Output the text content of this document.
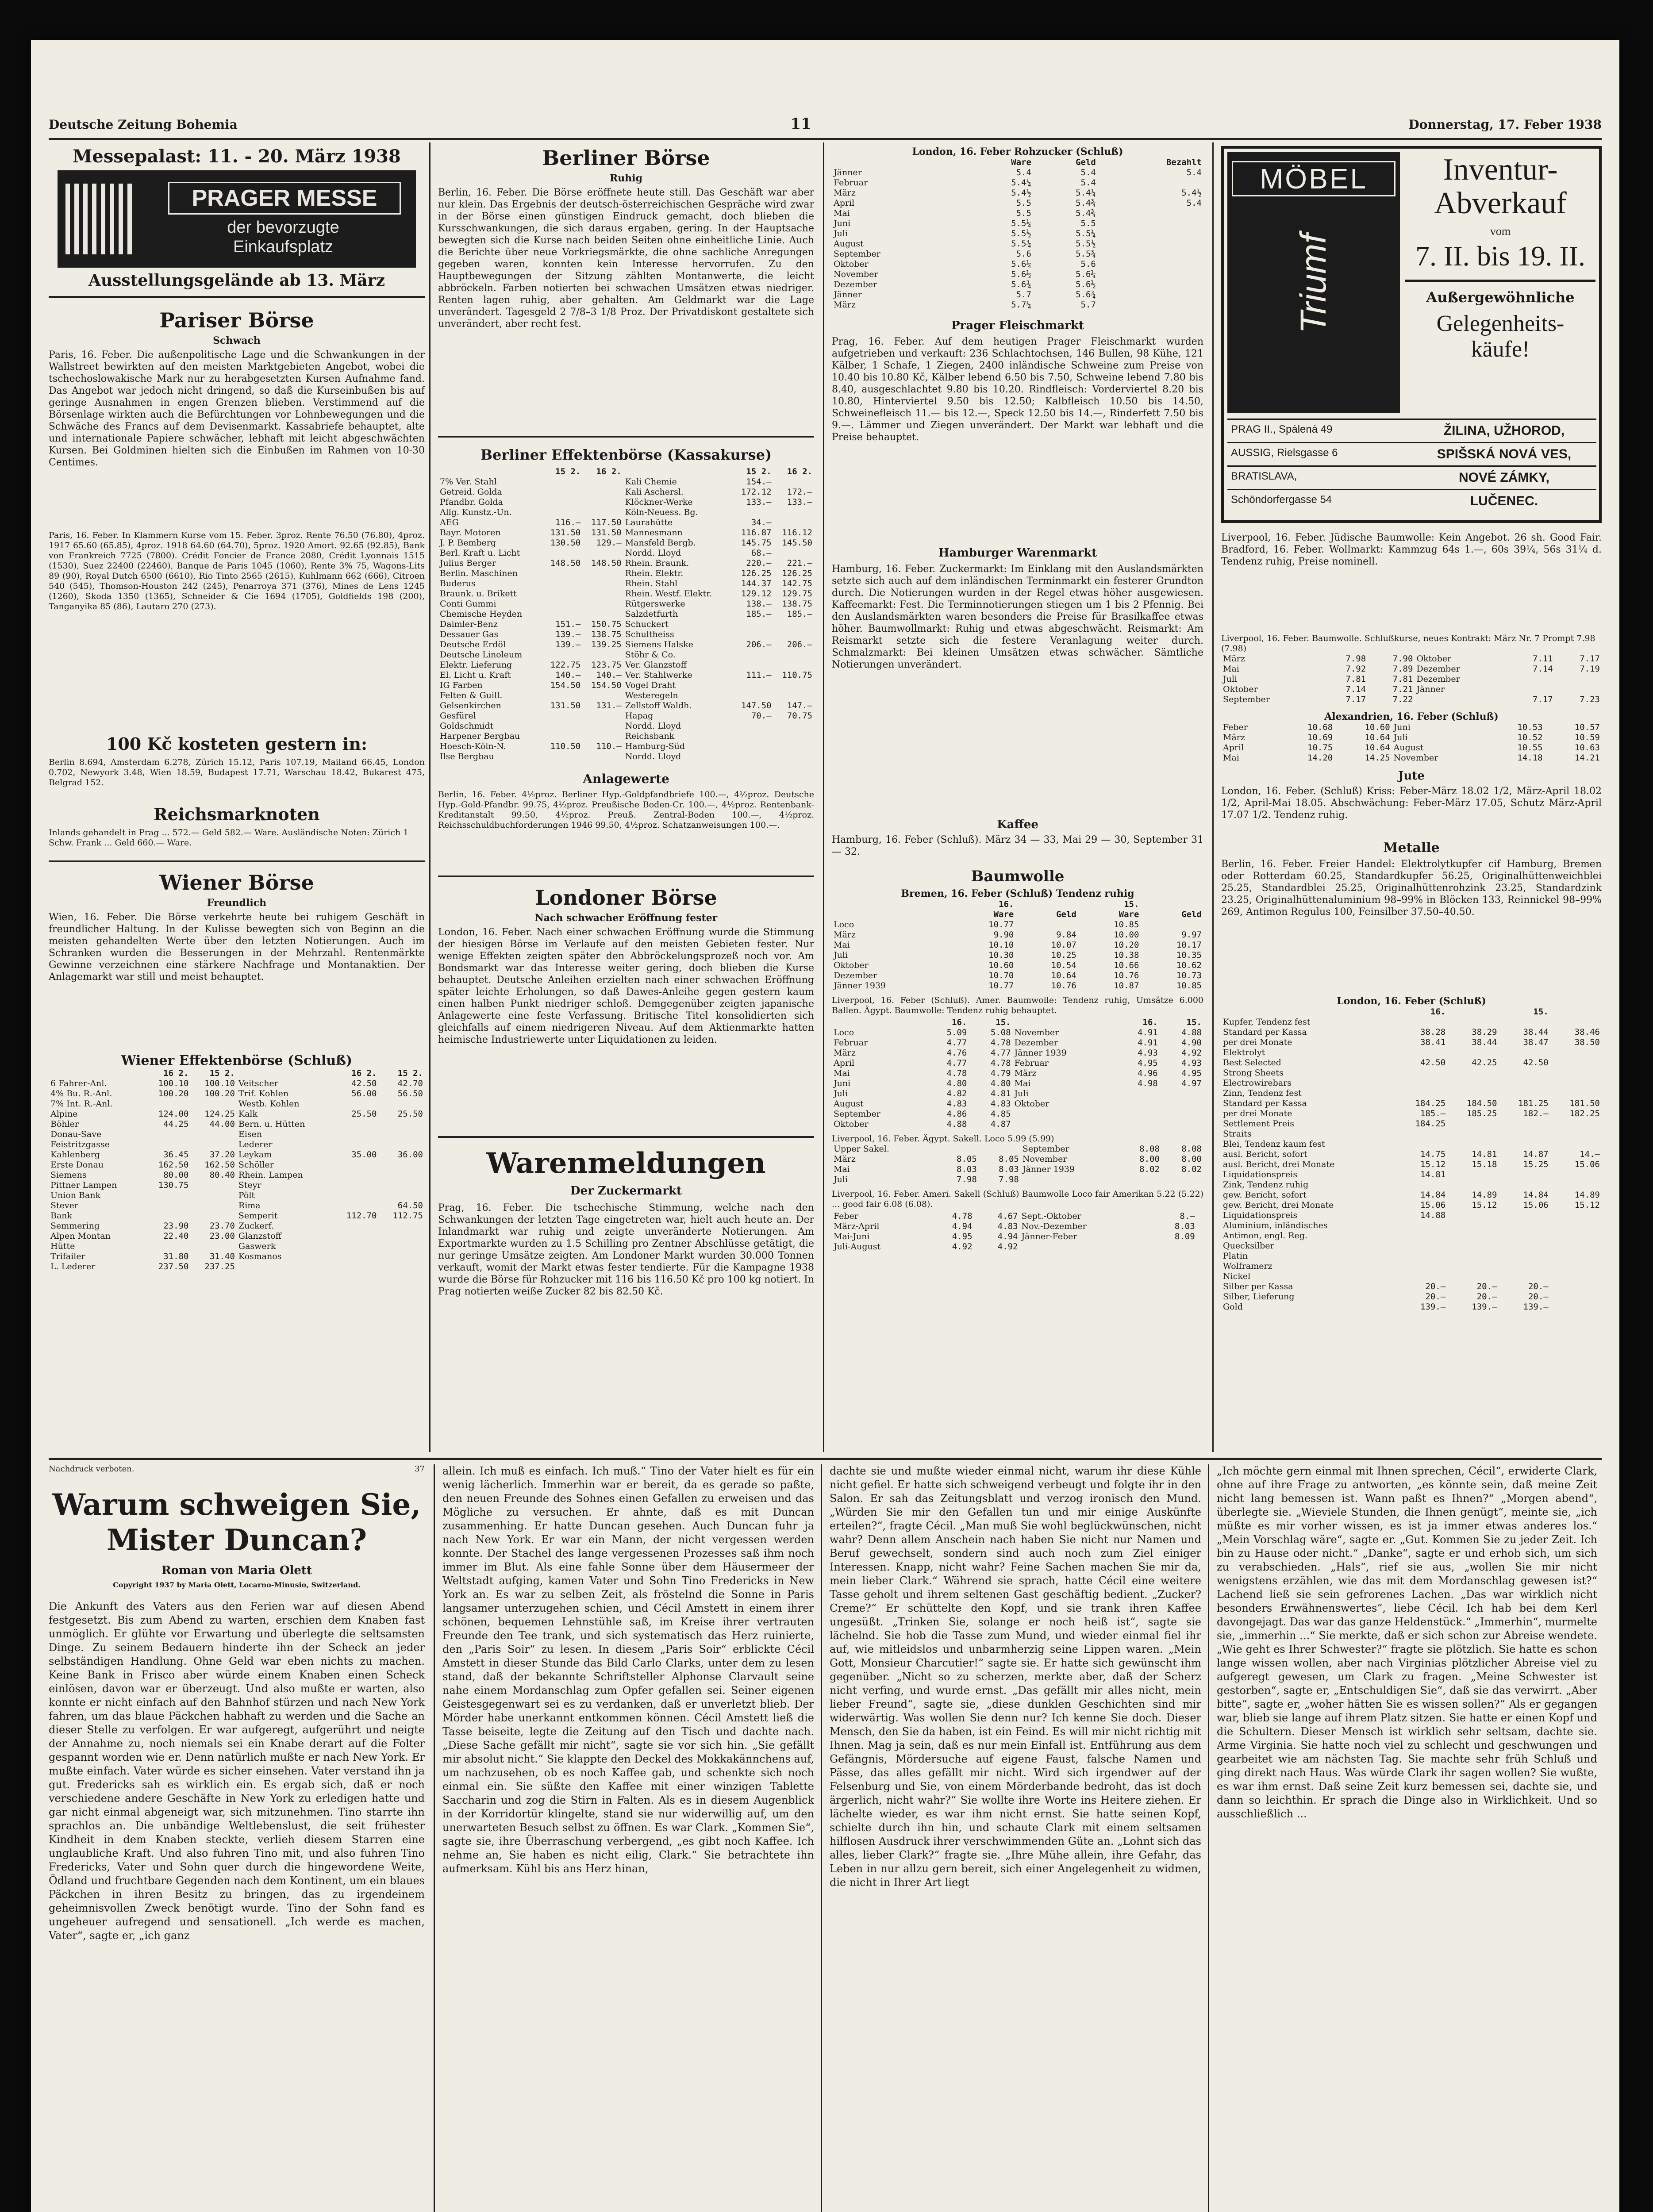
Deutsche Zeitung Bohemia	11	Donnerstag, 17. Feber 1938
Messepalast: 11. - 20. März 1938
PRAGER MESSE
der bevorzugte
Einkaufsplatz
Ausstellungsgelände ab 13. März
Pariser Börse
Schwach
Paris, 16. Feber. Die außenpolitische Lage und die Schwankungen in der Wallstreet bewirkten auf den meisten Marktgebieten Angebot, wobei die tschechoslowakische Mark nur zu herabgesetzten Kursen Aufnahme fand. Das Angebot war jedoch nicht dringend, so daß die Kurseinbußen bis auf geringe Ausnahmen in engen Grenzen blieben. Verstimmend auf die Börsenlage wirkten auch die Befürchtungen vor Lohnbewegungen und die Schwäche des Francs auf dem Devisenmarkt. Kassabriefe behauptet, alte und internationale Papiere schwächer, lebhaft mit leicht abgeschwächten Kursen. Bei Goldminen hielten sich die Einbußen im Rahmen von 10-30 Centimes.
Paris, 16. Feber. In Klammern Kurse vom 15. Feber. 3proz. Rente 76.50 (76.80), 4proz. 1917 65.60 (65.85), 4proz. 1918 64.60 (64.70), 5proz. 1920 Amort. 92.65 (92.85), Bank von Frankreich 7725 (7800). Crédit Foncier de France 2080, Crédit Lyonnais 1515 (1530), Suez 22400 (22460), Banque de Paris 1045 (1060), Rente 3% 75, Wagons-Lits 89 (90), Royal Dutch 6500 (6610), Rio Tinto 2565 (2615), Kuhlmann 662 (666), Citroen 540 (545), Thomson-Houston 242 (245), Penarroya 371 (376), Mines de Lens 1245 (1260), Skoda 1350 (1365), Schneider & Cie 1694 (1705), Goldfields 198 (200), Tanganyika 85 (86), Lautaro 270 (273).
100 Kč kosteten gestern in:
Berlin 8.694, Amsterdam 6.278, Zürich 15.12, Paris 107.19, Mailand 66.45, London 0.702, Newyork 3.48, Wien 18.59, Budapest 17.71, Warschau 18.42, Bukarest 475, Belgrad 152.
Reichsmarknoten
Inlands gehandelt in Prag ... 572.— Geld 582.— Ware. Ausländische Noten: Zürich 1 Schw. Frank ... Geld 660.— Ware.
Wiener Börse
Freundlich
Wien, 16. Feber. Die Börse verkehrte heute bei ruhigem Geschäft in freundlicher Haltung. In der Kulisse bewegten sich von Beginn an die meisten gehandelten Werte über den letzten Notierungen. Auch im Schranken wurden die Besserungen in der Mehrzahl. Rentenmärkte Gewinne verzeichnen eine stärkere Nachfrage und Montanaktien. Der Anlagemarkt war still und meist behauptet.
Wiener Effektenbörse (Schluß)
	16 2.	15 2.		16 2.	15 2.
6 Fahrer-Anl.	100.10	100.10	Veitscher	42.50	42.70
4% Bu. R.-Anl.	100.20	100.20	Trif. Kohlen	56.00	56.50
7% Int. R.-Anl.			Westb. Kohlen		
Alpine	124.00	124.25	Kalk	25.50	25.50
Böhler	44.25	44.00	Bern. u. Hütten		
Donau-Save			Eisen		
Feistritzgasse			Lederer		
Kahlenberg	36.45	37.20	Leykam	35.00	36.00
Erste Donau	162.50	162.50	Schöller		
Siemens	80.00	80.40	Rhein. Lampen		
Pittner Lampen	130.75		Steyr		
Union Bank			Pölt		
Stever			Rima		64.50
Bank			Semperit	112.70	112.75
Semmering	23.90	23.70	Zuckerf.		
Alpen Montan	22.40	23.00	Glanzstoff		
Hütte			Gaswerk		
Trifailer	31.80	31.40	Kosmanos		
L. Lederer	237.50	237.25			
Berliner Börse
Ruhig
Berlin, 16. Feber. Die Börse eröffnete heute still. Das Geschäft war aber nur klein. Das Ergebnis der deutsch-österreichischen Gespräche wird zwar in der Börse einen günstigen Eindruck gemacht, doch blieben die Kursschwankungen, die sich daraus ergaben, gering. In der Hauptsache bewegten sich die Kurse nach beiden Seiten ohne einheitliche Linie. Auch die Berichte über neue Vorkriegsmärkte, die ohne sachliche Anregungen gegeben waren, konnten kein Interesse hervorrufen. Zu den Hauptbewegungen der Sitzung zählten Montanwerte, die leicht abbröckeln. Farben notierten bei schwachen Umsätzen etwas niedriger. Renten lagen ruhig, aber gehalten. Am Geldmarkt war die Lage unverändert. Tagesgeld 2 7/8–3 1/8 Proz. Der Privatdiskont gestaltete sich unverändert, aber recht fest.
Berliner Effektenbörse (Kassakurse)
	15 2.	16 2.		15 2.	16 2.
7% Ver. Stahl			Kali Chemie	154.—	
Getreid. Golda			Kali Aschersl.	172.12	172.—
Pfandbr. Golda			Klöckner-Werke	133.—	133.—
Allg. Kunstz.-Un.			Köln-Neuess. Bg.		
AEG	116.—	117.50	Laurahütte	34.—	
Bayr. Motoren	131.50	131.50	Mannesmann	116.87	116.12
J. P. Bemberg	130.50	129.—	Mansfeld Bergb.	145.75	145.50
Berl. Kraft u. Licht			Nordd. Lloyd	68.—	
Julius Berger	148.50	148.50	Rhein. Braunk.	220.—	221.—
Berlin. Maschinen			Rhein. Elektr.	126.25	126.25
Buderus			Rhein. Stahl	144.37	142.75
Braunk. u. Brikett			Rhein. Westf. Elektr.	129.12	129.75
Conti Gummi			Rütgerswerke	138.—	138.75
Chemische Heyden			Salzdetfurth	185.—	185.—
Daimler-Benz	151.—	150.75	Schuckert		
Dessauer Gas	139.—	138.75	Schultheiss		
Deutsche Erdöl	139.—	139.25	Siemens Halske	206.—	206.—
Deutsche Linoleum			Stöhr & Co.		
Elektr. Lieferung	122.75	123.75	Ver. Glanzstoff		
El. Licht u. Kraft	140.—	140.—	Ver. Stahlwerke	111.—	110.75
IG Farben	154.50	154.50	Vogel Draht		
Felten & Guill.			Westeregeln		
Gelsenkirchen	131.50	131.—	Zellstoff Waldh.	147.50	147.—
Gesfürel			Hapag	70.—	70.75
Goldschmidt			Nordd. Lloyd		
Harpener Bergbau			Reichsbank		
Hoesch-Köln-N.	110.50	110.—	Hamburg-Süd		
Ilse Bergbau			Nordd. Lloyd		
Anlagewerte
Berlin, 16. Feber. 4½proz. Berliner Hyp.-Goldpfandbriefe 100.—, 4½proz. Deutsche Hyp.-Gold-Pfandbr. 99.75, 4½proz. Preußische Boden-Cr. 100.—, 4½proz. Rentenbank-Kreditanstalt 99.50, 4½proz. Preuß. Zentral-Boden 100.—, 4½proz. Reichsschuldbuchforderungen 1946 99.50, 4½proz. Schatzanweisungen 100.—.
Londoner Börse
Nach schwacher Eröffnung fester
London, 16. Feber. Nach einer schwachen Eröffnung wurde die Stimmung der hiesigen Börse im Verlaufe auf den meisten Gebieten fester. Nur wenige Effekten zeigten später den Abbröckelungsprozeß noch vor. Am Bondsmarkt war das Interesse weiter gering, doch blieben die Kurse behauptet. Deutsche Anleihen erzielten nach einer schwachen Eröffnung später leichte Erholungen, so daß Dawes-Anleihe gegen gestern kaum einen halben Punkt niedriger schloß. Demgegenüber zeigten japanische Anlagewerte eine feste Verfassung. Britische Titel konsolidierten sich gleichfalls auf einem niedrigeren Niveau. Auf dem Aktienmarkte hatten heimische Industriewerte unter Liquidationen zu leiden.
Warenmeldungen
Der Zuckermarkt
Prag, 16. Feber. Die tschechische Stimmung, welche nach den Schwankungen der letzten Tage eingetreten war, hielt auch heute an. Der Inlandmarkt war ruhig und zeigte unveränderte Notierungen. Am Exportmarkte wurden zu 1.5 Schilling pro Zentner Abschlüsse getätigt, die nur geringe Umsätze zeigten. Am Londoner Markt wurden 30.000 Tonnen verkauft, womit der Markt etwas fester tendierte. Für die Kampagne 1938 wurde die Börse für Rohzucker mit 116 bis 116.50 Kč pro 100 kg notiert. In Prag notierten weiße Zucker 82 bis 82.50 Kč.
London, 16. Feber Rohzucker (Schluß)
	Ware	Geld	Bezahlt
Jänner	5.4	5.4	5.4
Februar	5.4¼	5.4	
März	5.4½	5.4¼	5.4½
April	5.5	5.4¾	5.4
Mai	5.5	5.4¾	
Juni	5.5¼	5.5	
Juli	5.5½	5.5¼	
August	5.5¾	5.5½	
September	5.6	5.5¾	
Oktober	5.6¼	5.6	
November	5.6½	5.6¼	
Dezember	5.6¾	5.6½	
Jänner	5.7	5.6¾	
März	5.7¼	5.7	
Prager Fleischmarkt
Prag, 16. Feber. Auf dem heutigen Prager Fleischmarkt wurden aufgetrieben und verkauft: 236 Schlachtochsen, 146 Bullen, 98 Kühe, 121 Kälber, 1 Schafe, 1 Ziegen, 2400 inländische Schweine zum Preise von 10.40 bis 10.80 Kč, Kälber lebend 6.50 bis 7.50, Schweine lebend 7.80 bis 8.40, ausgeschlachtet 9.80 bis 10.20. Rindfleisch: Vorderviertel 8.20 bis 10.80, Hinterviertel 9.50 bis 12.50; Kalbfleisch 10.50 bis 14.50, Schweinefleisch 11.— bis 12.—, Speck 12.50 bis 14.—, Rinderfett 7.50 bis 9.—. Lämmer und Ziegen unverändert. Der Markt war lebhaft und die Preise behauptet.
Hamburger Warenmarkt
Hamburg, 16. Feber. Zuckermarkt: Im Einklang mit den Auslandsmärkten setzte sich auch auf dem inländischen Terminmarkt ein festerer Grundton durch. Die Notierungen wurden in der Regel etwas höher ausgewiesen. Kaffeemarkt: Fest. Die Terminnotierungen stiegen um 1 bis 2 Pfennig. Bei den Auslandsmärkten waren besonders die Preise für Brasilkaffee etwas höher. Baumwollmarkt: Ruhig und etwas abgeschwächt. Reismarkt: Am Reismarkt setzte sich die festere Veranlagung weiter durch. Schmalzmarkt: Bei kleinen Umsätzen etwas schwächer. Sämtliche Notierungen unverändert.
Kaffee
Hamburg, 16. Feber (Schluß). März 34 — 33, Mai 29 — 30, September 31 — 32.
Baumwolle
Bremen, 16. Feber (Schluß) Tendenz ruhig
	16.		15.	
	Ware	Geld	Ware	Geld
Loco	10.77		10.85	
März	9.90	9.84	10.00	9.97
Mai	10.10	10.07	10.20	10.17
Juli	10.30	10.25	10.38	10.35
Oktober	10.60	10.54	10.66	10.62
Dezember	10.70	10.64	10.76	10.73
Jänner 1939	10.77	10.76	10.87	10.85
Liverpool, 16. Feber (Schluß). Amer. Baumwolle: Tendenz ruhig, Umsätze 6.000 Ballen. Ägypt. Baumwolle: Tendenz ruhig behauptet.
	16.	15.		16.	15.
Loco	5.09	5.08	November	4.91	4.88
Februar	4.77	4.78	Dezember	4.91	4.90
März	4.76	4.77	Jänner 1939	4.93	4.92
April	4.77	4.78	Februar	4.95	4.93
Mai	4.78	4.79	März	4.96	4.95
Juni	4.80	4.80	Mai	4.98	4.97
Juli	4.82	4.81	Juli		
August	4.83	4.83	Oktober		
September	4.86	4.85			
Oktober	4.88	4.87			
Liverpool, 16. Feber. Ägypt. Sakell. Loco 5.99 (5.99)
Upper Sakel.			September	8.08	8.08
März	8.05	8.05	November	8.00	8.00
Mai	8.03	8.03	Jänner 1939	8.02	8.02
Juli	7.98	7.98			
Liverpool, 16. Feber. Ameri. Sakell (Schluß) Baumwolle Loco fair Amerikan 5.22 (5.22) ... good fair 6.08 (6.08).
Feber	4.78	4.67	Sept.-Oktober	8.—	
März-April	4.94	4.83	Nov.-Dezember	8.03	
Mai-Juni	4.95	4.94	Jänner-Feber	8.09	
Juli-August	4.92	4.92			
MÖBEL
Triumf
Inventur-
Abverkauf
vom
7. II. bis 19. II.
Außergewöhnliche
Gelegenheits-
käufe!
PRAG II., Spálená 49	ŽILINA, UŽHOROD,
AUSSIG, Rielsgasse 6	SPIŠSKÁ NOVÁ VES,
BRATISLAVA,	NOVÉ ZÁMKY,
Schöndorfergasse 54	LUČENEC.
Liverpool, 16. Feber. Jüdische Baumwolle: Kein Angebot. 26 sh. Good Fair. Bradford, 16. Feber. Wollmarkt: Kammzug 64s 1.—, 60s 39¼, 56s 31¼ d. Tendenz ruhig, Preise nominell.
Liverpool, 16. Feber. Baumwolle. Schlußkurse, neues Kontrakt: März Nr. 7 Prompt 7.98 (7.98)
März	7.98	7.90	Oktober	7.11	7.17
Mai	7.92	7.89	Dezember	7.14	7.19
Juli	7.81	7.81	Dezember		
Oktober	7.14	7.21	Jänner		
September	7.17	7.22		7.17	7.23
Alexandrien, 16. Feber (Schluß)
Feber	10.68	10.60	Juni	10.53	10.57
März	10.69	10.64	Juli	10.52	10.59
April	10.75	10.64	August	10.55	10.63
Mai	14.20	14.25	November	14.18	14.21
Jute
London, 16. Feber. (Schluß) Kriss: Feber-März 18.02 1/2, März-April 18.02 1/2, April-Mai 18.05. Abschwächung: Feber-März 17.05, Schutz März-April 17.07 1/2. Tendenz ruhig.
Metalle
Berlin, 16. Feber. Freier Handel: Elektrolytkupfer cif Hamburg, Bremen oder Rotterdam 60.25, Standardkupfer 56.25, Originalhüttenweichblei 25.25, Standardblei 25.25, Originalhüttenrohzink 23.25, Standardzink 23.25, Originalhüttenaluminium 98–99% in Blöcken 133, Reinnickel 98–99% 269, Antimon Regulus 100, Feinsilber 37.50–40.50.
London, 16. Feber (Schluß)
	16.		15.	
Kupfer, Tendenz fest				
Standard per Kassa	38.28	38.29	38.44	38.46
per drei Monate	38.41	38.44	38.47	38.50
Elektrolyt				
Best Selected	42.50	42.25	42.50	
Strong Sheets				
Electrowirebars				
Zinn, Tendenz fest				
Standard per Kassa	184.25	184.50	181.25	181.50
per drei Monate	185.—	185.25	182.—	182.25
Settlement Preis	184.25			
Straits				
Blei, Tendenz kaum fest				
ausl. Bericht, sofort	14.75	14.81	14.87	14.—
ausl. Bericht, drei Monate	15.12	15.18	15.25	15.06
Liquidationspreis	14.81			
Zink, Tendenz ruhig				
gew. Bericht, sofort	14.84	14.89	14.84	14.89
gew. Bericht, drei Monate	15.06	15.12	15.06	15.12
Liquidationspreis	14.88			
Aluminium, inländisches				
Antimon, engl. Reg.				
Quecksilber				
Platin				
Wolframerz				
Nickel				
Silber per Kassa	20.—	20.—	20.—	
Silber, Lieferung	20.—	20.—	20.—	
Gold	139.—	139.—	139.—	
Nachdruck verboten.	37
Warum schweigen Sie,
Mister Duncan?
Roman von Maria Olett
Copyright 1937 by Maria Olett, Locarno-Minusio, Switzerland.
Die Ankunft des Vaters aus den Ferien war auf diesen Abend festgesetzt. Bis zum Abend zu warten, erschien dem Knaben fast unmöglich. Er glühte vor Erwartung und überlegte die seltsamsten Dinge. Zu seinem Bedauern hinderte ihn der Scheck an jeder selbständigen Handlung. Ohne Geld war eben nichts zu machen. Keine Bank in Frisco aber würde einem Knaben einen Scheck einlösen, davon war er überzeugt. Und also mußte er warten, also konnte er nicht einfach auf den Bahnhof stürzen und nach New York fahren, um das blaue Päckchen habhaft zu werden und die Sache an dieser Stelle zu verfolgen. Er war aufgeregt, aufgerührt und neigte der Annahme zu, noch niemals sei ein Knabe derart auf die Folter gespannt worden wie er. Denn natürlich mußte er nach New York. Er mußte einfach. Vater würde es sicher einsehen. Vater verstand ihn ja gut. Fredericks sah es wirklich ein. Es ergab sich, daß er noch verschiedene andere Geschäfte in New York zu erledigen hatte und gar nicht einmal abgeneigt war, sich mitzunehmen. Tino starrte ihn sprachlos an. Die unbändige Weltlebenslust, die seit frühester Kindheit in dem Knaben steckte, verlieh diesem Starren eine unglaubliche Kraft. Und also fuhren Tino mit, und also fuhren Tino Fredericks, Vater und Sohn quer durch die hingewordene Weite, Ödland und fruchtbare Gegenden nach dem Kontinent, um ein blaues Päckchen in ihren Besitz zu bringen, das zu irgendeinem geheimnisvollen Zweck benötigt wurde. Tino der Sohn fand es ungeheuer aufregend und sensationell. „Ich werde es machen, Vater“, sagte er, „ich ganz
allein. Ich muß es einfach. Ich muß.“ Tino der Vater hielt es für ein wenig lächerlich. Immerhin war er bereit, da es gerade so paßte, den neuen Freunde des Sohnes einen Gefallen zu erweisen und das Mögliche zu versuchen. Er ahnte, daß es mit Duncan zusammenhing. Er hatte Duncan gesehen. Auch Duncan fuhr ja nach New York. Er war ein Mann, der nicht vergessen werden konnte. Der Stachel des lange vergessenen Prozesses saß ihm noch immer im Blut. Als eine fahle Sonne über dem Häusermeer der Weltstadt aufging, kamen Vater und Sohn Tino Fredericks in New York an. Es war zu selben Zeit, als fröstelnd die Sonne in Paris langsamer unterzugehen schien, und Cécil Amstett in einem ihrer schönen, bequemen Lehnstühle saß, im Kreise ihrer vertrauten Freunde den Tee trank, und sich systematisch das Herz ruinierte, den „Paris Soir“ zu lesen. In diesem „Paris Soir“ erblickte Cécil Amstett in dieser Stunde das Bild Carlo Clarks, unter dem zu lesen stand, daß der bekannte Schriftsteller Alphonse Clarvault seine nahe einem Mordanschlag zum Opfer gefallen sei. Seiner eigenen Geistesgegenwart sei es zu verdanken, daß er unverletzt blieb. Der Mörder habe unerkannt entkommen können. Cécil Amstett ließ die Tasse beiseite, legte die Zeitung auf den Tisch und dachte nach. „Diese Sache gefällt mir nicht“, sagte sie vor sich hin. „Sie gefällt mir absolut nicht.“ Sie klappte den Deckel des Mokkakännchens auf, um nachzusehen, ob es noch Kaffee gab, und schenkte sich noch einmal ein. Sie süßte den Kaffee mit einer winzigen Tablette Saccharin und zog die Stirn in Falten. Als es in diesem Augenblick in der Korridortür klingelte, stand sie nur widerwillig auf, um den unerwarteten Besuch selbst zu öffnen. Es war Clark. „Kommen Sie“, sagte sie, ihre Überraschung verbergend, „es gibt noch Kaffee. Ich nehme an, Sie haben es nicht eilig, Clark.“ Sie betrachtete ihn aufmerksam. Kühl bis ans Herz hinan,
dachte sie und mußte wieder einmal nicht, warum ihr diese Kühle nicht gefiel. Er hatte sich schweigend verbeugt und folgte ihr in den Salon. Er sah das Zeitungsblatt und verzog ironisch den Mund. „Würden Sie mir den Gefallen tun und mir einige Auskünfte erteilen?“, fragte Cécil. „Man muß Sie wohl beglückwünschen, nicht wahr? Denn allem Anschein nach haben Sie nicht nur Namen und Beruf gewechselt, sondern sind auch noch zum Ziel einiger Interessen. Knapp, nicht wahr? Feine Sachen machen Sie mir da, mein lieber Clark.“ Während sie sprach, hatte Cécil eine weitere Tasse geholt und ihrem seltenen Gast geschäftig bedient. „Zucker? Creme?“ Er schüttelte den Kopf, und sie trank ihren Kaffee ungesüßt. „Trinken Sie, solange er noch heiß ist“, sagte sie lächelnd. Sie hob die Tasse zum Mund, und wieder einmal fiel ihr auf, wie mitleidslos und unbarmherzig seine Lippen waren. „Mein Gott, Monsieur Charcutier!“ sagte sie. Er hatte sich gewünscht ihm gegenüber. „Nicht so zu scherzen, merkte aber, daß der Scherz nicht verfing, und wurde ernst. „Das gefällt mir alles nicht, mein lieber Freund“, sagte sie, „diese dunklen Geschichten sind mir widerwärtig. Was wollen Sie denn nur? Ich kenne Sie doch. Dieser Mensch, den Sie da haben, ist ein Feind. Es will mir nicht richtig mit Ihnen. Mag ja sein, daß es nur mein Einfall ist. Entführung aus dem Gefängnis, Mördersuche auf eigene Faust, falsche Namen und Pässe, das alles gefällt mir nicht. Wird sich irgendwer auf der Felsenburg und Sie, von einem Mörderbande bedroht, das ist doch ärgerlich, nicht wahr?“ Sie wollte ihre Worte ins Heitere ziehen. Er lächelte wieder, es war ihm nicht ernst. Sie hatte seinen Kopf, schielte durch ihn hin, und schaute Clark mit einem seltsamen hilflosen Ausdruck ihrer verschwimmenden Güte an. „Lohnt sich das alles, lieber Clark?“ fragte sie. „Ihre Mühe allein, ihre Gefahr, das Leben in nur allzu gern bereit, sich einer Angelegenheit zu widmen, die nicht in Ihrer Art liegt
„Ich möchte gern einmal mit Ihnen sprechen, Cécil“, erwiderte Clark, ohne auf ihre Frage zu antworten, „es könnte sein, daß meine Zeit nicht lang bemessen ist. Wann paßt es Ihnen?“ „Morgen abend“, überlegte sie. „Wieviele Stunden, die Ihnen genügt“, meinte sie, „ich müßte es mir vorher wissen, es ist ja immer etwas anderes los.“ „Mein Vorschlag wäre“, sagte er. „Gut. Kommen Sie zu jeder Zeit. Ich bin zu Hause oder nicht.“ „Danke“, sagte er und erhob sich, um sich zu verabschieden. „Hals“, rief sie aus, „wollen Sie mir nicht wenigstens erzählen, wie das mit dem Mordanschlag gewesen ist?“ Lachend ließ sie sein gefrorenes Lachen. „Das war wirklich nicht besonders Erwähnenswertes“, liebe Cécil. Ich hab bei dem Kerl davongejagt. Das war das ganze Heldenstück.“ „Immerhin“, murmelte sie, „immerhin ...“ Sie merkte, daß er sich schon zur Abreise wendete. „Wie geht es Ihrer Schwester?“ fragte sie plötzlich. Sie hatte es schon lange wissen wollen, aber nach Virginias plötzlicher Abreise viel zu aufgeregt gewesen, um Clark zu fragen. „Meine Schwester ist gestorben“, sagte er, „Entschuldigen Sie“, daß sie das verwirrt. „Aber bitte“, sagte er, „woher hätten Sie es wissen sollen?“ Als er gegangen war, blieb sie lange auf ihrem Platz sitzen. Sie hatte er einen Kopf und die Schultern. Dieser Mensch ist wirklich sehr seltsam, dachte sie. Arme Virginia. Sie hatte noch viel zu schlecht und geschwungen und gearbeitet wie am nächsten Tag. Sie machte sehr früh Schluß und ging direkt nach Haus. Was würde Clark ihr sagen wollen? Sie wußte, es war ihm ernst. Daß seine Zeit kurz bemessen sei, dachte sie, und dann so leichthin. Er sprach die Dinge also in Wirklichkeit. Und so ausschließlich ...
